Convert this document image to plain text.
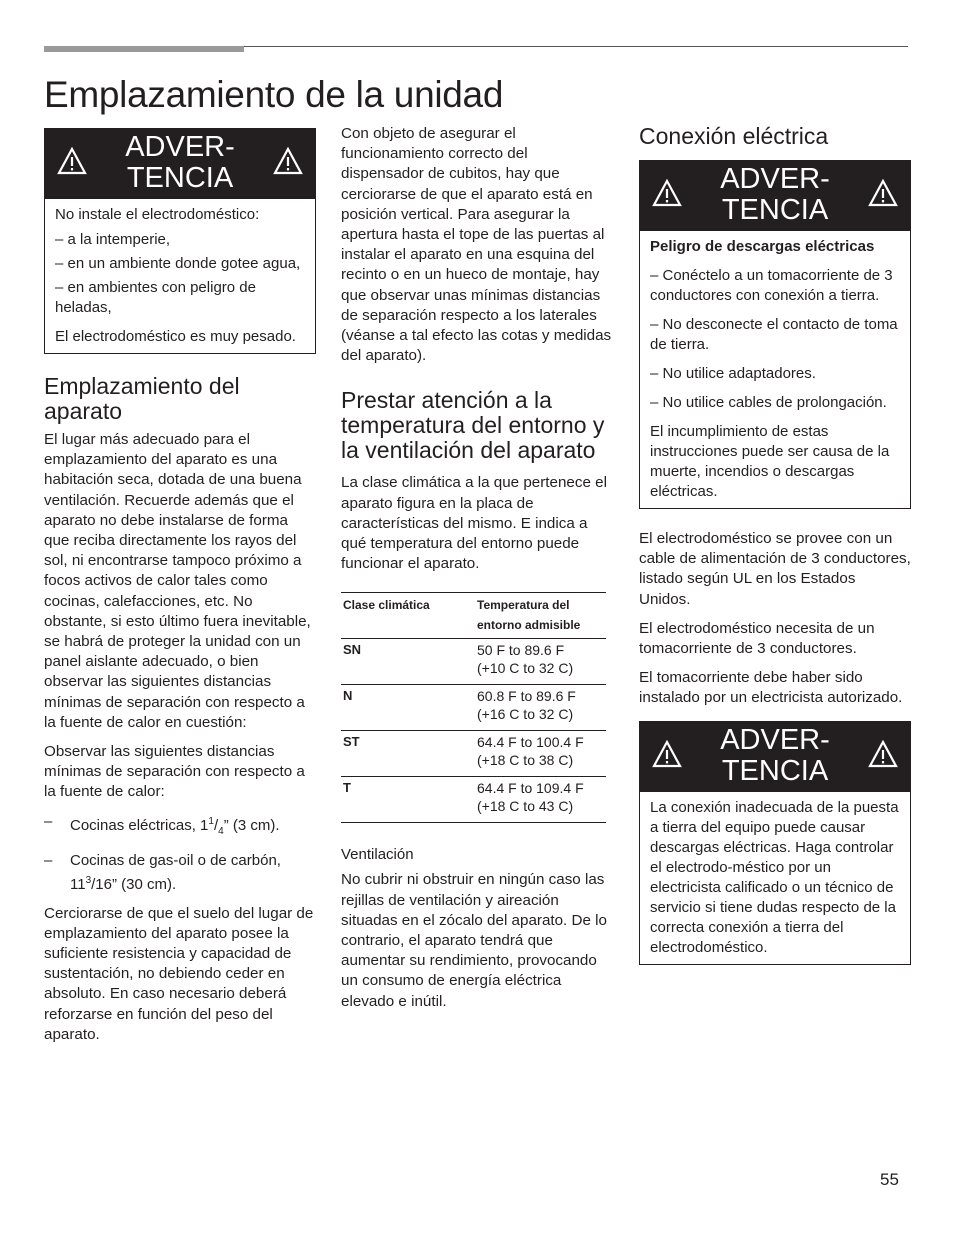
Emplazamiento de la unidad
ADVER-
TENCIA

No instale el electrodoméstico:

– a la intemperie,

– en un ambiente donde gotee agua,

– en ambientes con peligro de heladas,

El electrodoméstico es muy pesado.

Emplazamiento del aparato

El lugar más adecuado para el emplazamiento del aparato es una habitación seca, dotada de una buena ventilación. Recuerde además que el aparato no debe instalarse de forma que reciba directamente los rayos del sol, ni encontrarse tampoco próximo a focos activos de calor tales como cocinas, calefacciones, etc. No obstante, si esto último fuera inevitable, se habrá de proteger la unidad con un panel aislante adecuado, o bien observar las siguientes distancias mínimas de separación con respecto a la fuente de calor en cuestión:

Observar las siguientes distancias mínimas de separación con respecto a la fuente de calor:

–	Cocinas eléctricas, $1^1/_4$” (3 cm).
–	Cocinas de gas-oil o de carbón, $11^3/16$” (30 cm).

Cerciorarse de que el suelo del lugar de emplazamiento del aparato posee la suficiente resistencia y capacidad de sustentación, no debiendo ceder en absoluto. En caso necesario deberá reforzarse en función del peso del aparato.

Con objeto de asegurar el funcionamiento correcto del dispensador de cubitos, hay que cerciorarse de que el aparato está en posición vertical. Para asegurar la apertura hasta el tope de las puertas al instalar el aparato en una esquina del recinto o en un hueco de montaje, hay que observar unas mínimas distancias de separación respecto a los laterales (véanse a tal efecto las cotas y medidas del aparato).

Prestar atención a la temperatura del entorno y la ventilación del aparato

La clase climática a la que pertenece el aparato figura en la placa de características del mismo. E indica a qué temperatura del entorno puede funcionar el aparato.

Clase climática	Temperatura del entorno admisible
SN	50 F to 89.6 F
(+10 C to 32 C)

N	60.8 F to 89.6 F
(+16 C to 32 C)

ST	64.4 F to 100.4 F
(+18 C to 38 C)

T	64.4 F to 109.4 F
(+18 C to 43 C)
Ventilación

No cubrir ni obstruir en ningún caso las rejillas de ventilación y aireación situadas en el zócalo del aparato. De lo contrario, el aparato tendrá que aumentar su rendimiento, provocando un consumo de energía eléctrica elevado e inútil.

Conexión eléctrica
ADVER-
TENCIA

Peligro de descargas eléctricas

– Conéctelo a un tomacorriente de 3 conductores con conexión a tierra.

– No desconecte el contacto de toma de tierra.

– No utilice adaptadores.

– No utilice cables de prolongación.

El incumplimiento de estas instrucciones puede ser causa de la muerte, incendios o descargas eléctricas.

El electrodoméstico se provee con un cable de alimentación de 3 conductores, listado según UL en los Estados Unidos.

El electrodoméstico necesita de un tomacorriente de 3 conductores.

El tomacorriente debe haber sido instalado por un electricista autorizado.

ADVER-
TENCIA

La conexión inadecuada de la puesta a tierra del equipo puede causar descargas eléctricas. Haga controlar el electrodo-méstico por un electricista calificado o un técnico de servicio si tiene dudas respecto de la correcta conexión a tierra del electrodoméstico.

55
